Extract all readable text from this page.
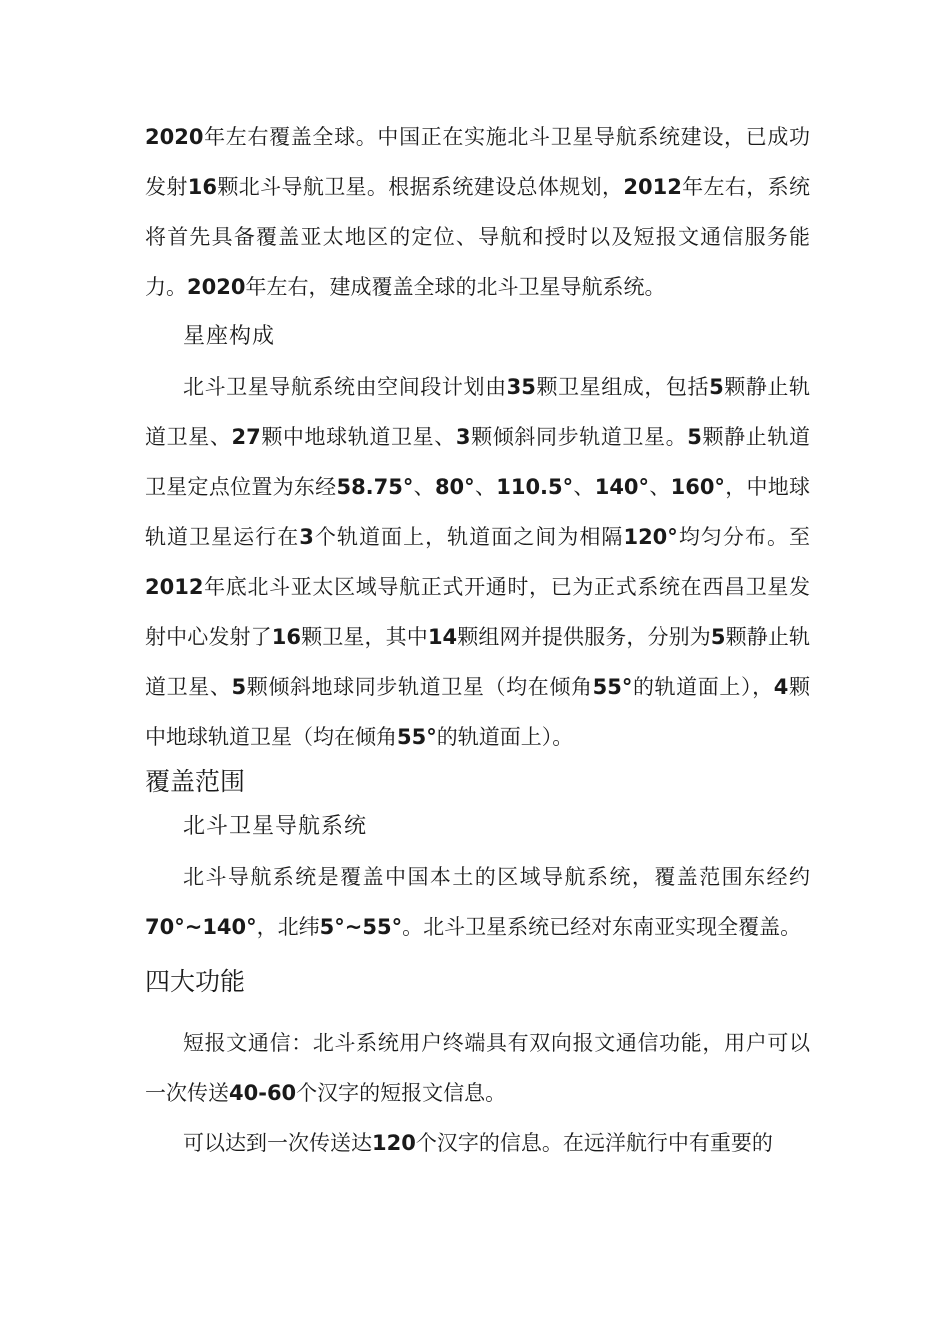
2020年左右覆盖全球。中国正在实施北斗卫星导航系统建设，已成功发射16颗北斗导航卫星。根据系统建设总体规划，2012年左右，系统将首先具备覆盖亚太地区的定位、导航和授时以及短报文通信服务能力。2020年左右，建成覆盖全球的北斗卫星导航系统。

星座构成

北斗卫星导航系统由空间段计划由35颗卫星组成，包括5颗静止轨道卫星、27颗中地球轨道卫星、3颗倾斜同步轨道卫星。5颗静止轨道卫星定点位置为东经58.75°、80°、110.5°、140°、160°，中地球轨道卫星运行在3个轨道面上，轨道面之间为相隔120°均匀分布。至2012年底北斗亚太区域导航正式开通时，已为正式系统在西昌卫星发射中心发射了16颗卫星，其中14颗组网并提供服务，分别为5颗静止轨道卫星、5颗倾斜地球同步轨道卫星（均在倾角55°的轨道面上），4颗中地球轨道卫星（均在倾角55°的轨道面上）。

覆盖范围

北斗卫星导航系统

北斗导航系统是覆盖中国本土的区域导航系统，覆盖范围东经约70°~140°，北纬5°~55°。北斗卫星系统已经对东南亚实现全覆盖。

四大功能

短报文通信：北斗系统用户终端具有双向报文通信功能，用户可以一次传送40-60个汉字的短报文信息。

可以达到一次传送达120个汉字的信息。在远洋航行中有重要的
